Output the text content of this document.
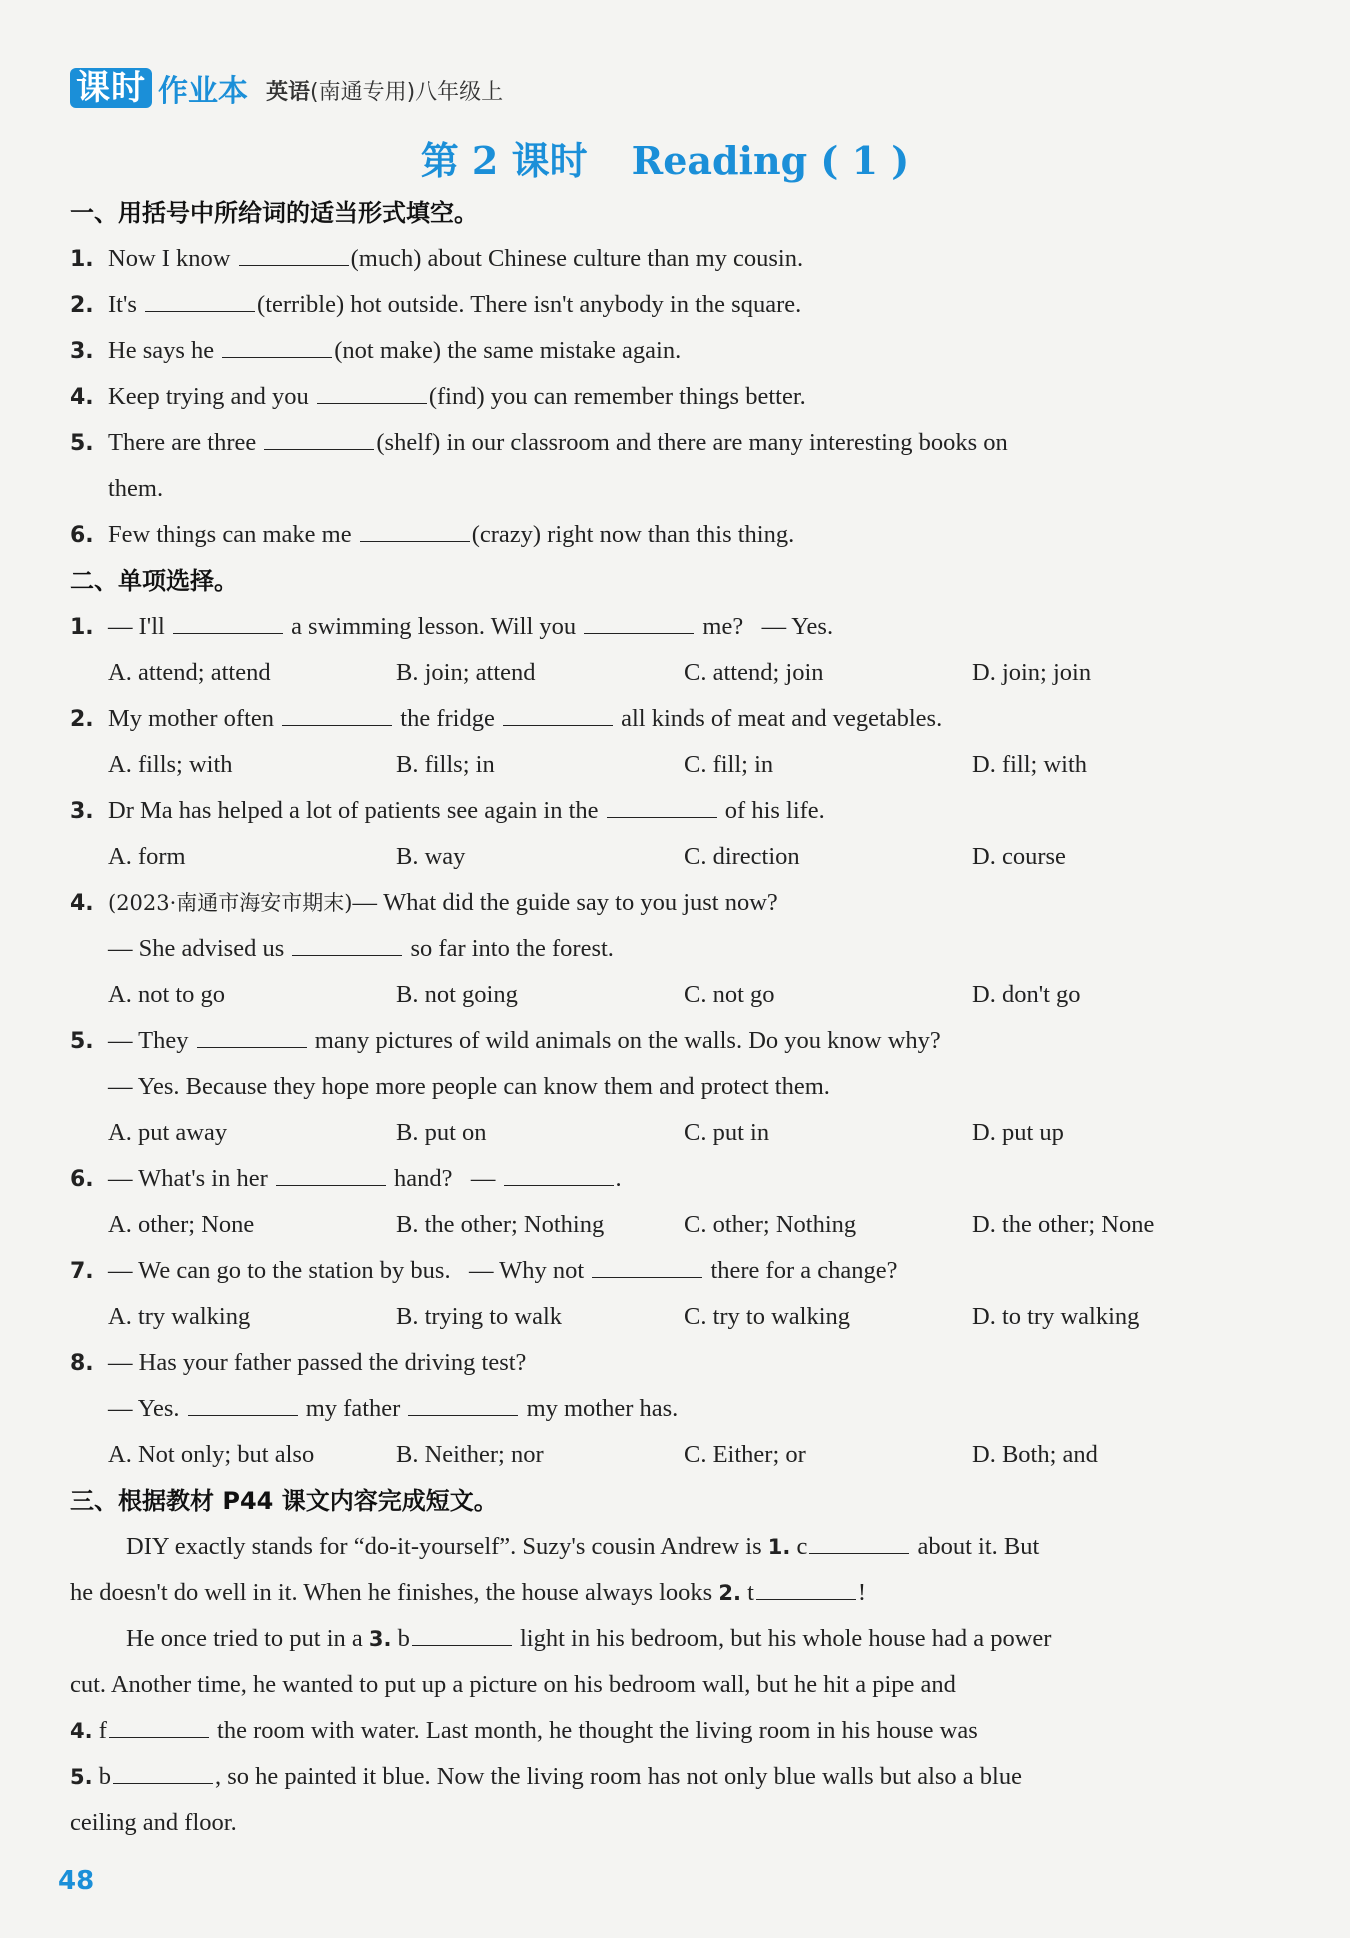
课时 作业本 英语(南通专用)八年级上
第 2 课时 Reading ( 1 )
一、用括号中所给词的适当形式填空。
1. Now I know	(much) about Chinese culture than my cousin.
2. It's	(terrible) hot outside. There isn't anybody in the square.
3. He says he	(not make) the same mistake again.
4. Keep trying and you	(find) you can remember things better.
5. There are three	(shelf) in our classroom and there are many interesting books on
them.
6. Few things can make me	(crazy) right now than this thing.
二、单项选择。
1. — I'll	a swimming lesson. Will you	me? — Yes.
A. attend; attend	B. join; attend	C. attend; join	D. join; join
2. My mother often	the fridge	all kinds of meat and vegetables.
A. fills; with	B. fills; in	C. fill; in	D. fill; with
3. Dr Ma has helped a lot of patients see again in the	of his life.
A. form	B. way	C. direction	D. course
4. (2023·南通市海安市期末)— What did the guide say to you just now?
— She advised us	so far into the forest.
A. not to go	B. not going	C. not go	D. don't go
5. — They	many pictures of wild animals on the walls. Do you know why?
— Yes. Because they hope more people can know them and protect them.
A. put away	B. put on	C. put in	D. put up
6. — What's in her	hand? —	.
A. other; None	B. the other; Nothing	C. other; Nothing	D. the other; None
7. — We can go to the station by bus. — Why not	there for a change?
A. try walking	B. trying to walk	C. try to walking	D. to try walking
8. — Has your father passed the driving test?
— Yes.	my father	my mother has.
A. Not only; but also	B. Neither; nor	C. Either; or	D. Both; and
三、根据教材 P44 课文内容完成短文。
DIY exactly stands for “do-it-yourself”. Suzy's cousin Andrew is 1. c	about it. But
he doesn't do well in it. When he finishes, the house always looks 2. t	!
He once tried to put in a 3. b	light in his bedroom, but his whole house had a power
cut. Another time, he wanted to put up a picture on his bedroom wall, but he hit a pipe and
4. f	the room with water. Last month, he thought the living room in his house was
5. b	, so he painted it blue. Now the living room has not only blue walls but also a blue
ceiling and floor.
48
